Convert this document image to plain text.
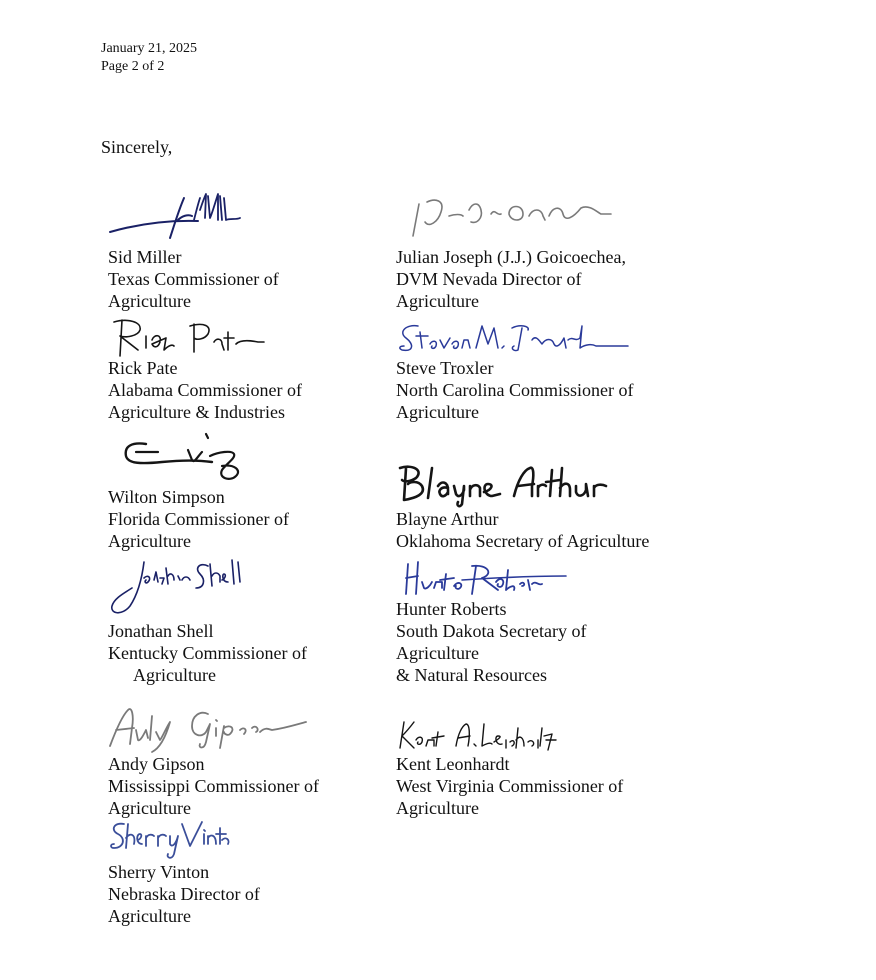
January 21, 2025
Page 2 of 2
Sincerely,
Sid Miller
Texas Commissioner of
Agriculture
Rick Pate
Alabama Commissioner of
Agriculture & Industries
Wilton Simpson
Florida Commissioner of
Agriculture
Jonathan Shell
Kentucky Commissioner of
Agriculture
Andy Gipson
Mississippi Commissioner of
Agriculture
Sherry Vinton
Nebraska Director of
Agriculture
Julian Joseph (J.J.) Goicoechea,
DVM Nevada Director of
Agriculture
Steve Troxler
North Carolina Commissioner of
Agriculture
Blayne Arthur
Oklahoma Secretary of Agriculture
Hunter Roberts
South Dakota Secretary of
Agriculture
& Natural Resources
Kent Leonhardt
West Virginia Commissioner of
Agriculture
